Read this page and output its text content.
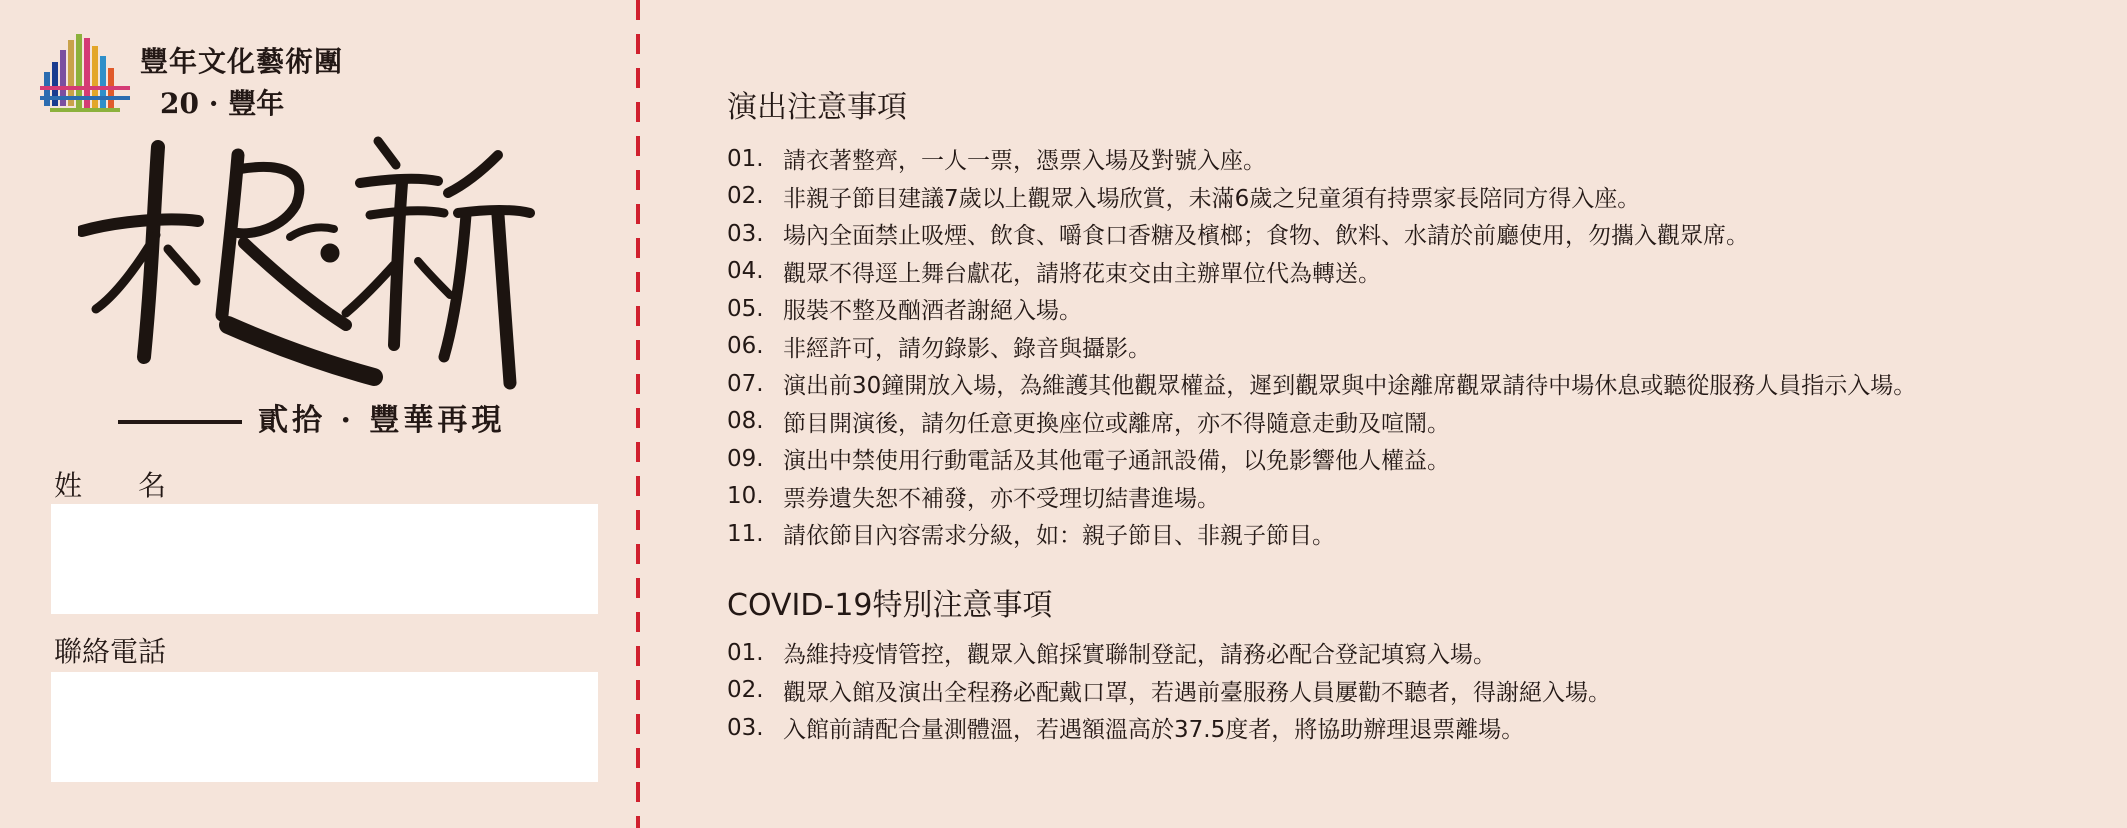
豐年文化藝術團
20 · 豐年
貳拾 · 豐華再現
姓　　名
聯絡電話
演出注意事項
01. 請衣著整齊，一人一票，憑票入場及對號入座。
02. 非親子節目建議7歲以上觀眾入場欣賞，未滿6歲之兒童須有持票家長陪同方得入座。
03. 場內全面禁止吸煙、飲食、嚼食口香糖及檳榔；食物、飲料、水請於前廳使用，勿攜入觀眾席。
04. 觀眾不得逕上舞台獻花，請將花束交由主辦單位代為轉送。
05. 服裝不整及酗酒者謝絕入場。
06. 非經許可，請勿錄影、錄音與攝影。
07. 演出前30鐘開放入場，為維護其他觀眾權益，遲到觀眾與中途離席觀眾請待中場休息或聽從服務人員指示入場。
08. 節目開演後，請勿任意更換座位或離席，亦不得隨意走動及喧鬧。
09. 演出中禁使用行動電話及其他電子通訊設備，以免影響他人權益。
10. 票券遺失恕不補發，亦不受理切結書進場。
11. 請依節目內容需求分級，如：親子節目、非親子節目。
COVID-19特別注意事項
01. 為維持疫情管控，觀眾入館採實聯制登記，請務必配合登記填寫入場。
02. 觀眾入館及演出全程務必配戴口罩，若遇前臺服務人員屢勸不聽者，得謝絕入場。
03. 入館前請配合量測體溫，若遇額溫高於37.5度者，將協助辦理退票離場。
